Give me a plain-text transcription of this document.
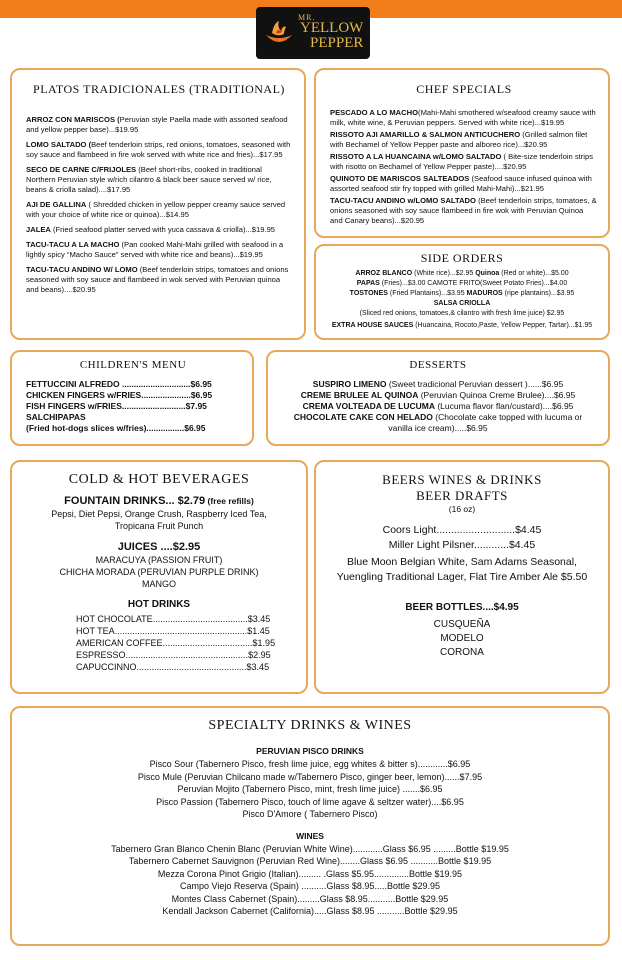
MR.
YELLOW
PEPPER
PLATOS TRADICIONALES (TRADITIONAL)
ARROZ CON MARISCOS (Peruvian style Paella made with assorted seafood and yellow pepper base)...$19.95
LOMO SALTADO (Beef tenderloin strips, red onions, tomatoes, seasoned with soy sauce and flambeed in fire wok served with white rice and fries)...$17.95
SECO DE CARNE C/FRIJOLES (Beef short-ribs, cooked in traditional Northern Peruvian style w/rich cilantro & black beer sauce served w/ rice, beans & criolla salad)....$17.95
AJI DE GALLINA ( Shredded chicken in yellow pepper creamy sauce served with your choice of white rice or quinoa)...$14.95
JALEA (Fried seafood platter served with yuca cassava & criolla)...$19.95
TACU-TACU A LA MACHO (Pan cooked Mahi-Mahi grilled with seafood in a lightly spicy “Macho Sauce” served with white rice and beans)...$19.95
TACU-TACU ANDINO W/ LOMO (Beef tenderloin strips, tomatoes and onions seasoned with soy sauce and flambeed in wok served with Peruvian quinoa and beans)....$20.95
CHEF SPECIALS
PESCADO A LO MACHO(Mahi-Mahi smothered w/seafood creamy sauce with milk, white wine, & Peruvian peppers. Served with white rice)...$19.95
RISSOTO AJI AMARILLO & SALMON ANTICUCHERO (Grilled salmon filet with Bechamel of Yellow Pepper paste and alboreo rice)...$20.95
RISSOTO A LA HUANCAINA w/LOMO SALTADO ( Bite-size tenderloin strips with risotto on Bechamel of Yellow Pepper paste)....$20.95
QUINOTO DE MARISCOS SALTEADOS (Seafood sauce infused quinoa with assorted seafood stir fry topped with grilled Mahi-Mahi)...$21.95
TACU-TACU ANDINO w/LOMO SALTADO (Beef tenderloin strips, tomatoes, & onions seasoned with soy sauce flambeed in fire wok with Peruvian Quinoa and Canary beans)...$20.95
SIDE ORDERS
ARROZ BLANCO (White rice)...$2.95 Quinoa (Red or white)...$5.00
PAPAS (Fries)...$3.00 CAMOTE FRITO(Sweet Potato Fries)...$4.00
TOSTONES (Fried Plantains)...$3.95 MADUROS (ripe plantains)...$3.95
SALSA CRIOLLA
(Sliced red onions, tomatoes,& cilantro with fresh lime juice) $2.95
EXTRA HOUSE SAUCES (Huancaina, Rocoto,Paste, Yellow Pepper, Tartar)...$1.95
CHILDREN'S MENU
FETTUCCINI ALFREDO .............................$6.95
CHICKEN FINGERS w/FRIES.....................$6.95
FISH FINGERS w/FRIES...........................$7.95
SALCHIPAPAS
(Fried hot-dogs slices w/fries)................$6.95
DESSERTS
SUSPIRO LIMENO (Sweet tradicional Peruvian dessert )......$6.95
CREME BRULEE AL QUINOA (Peruvian Quinoa Creme Brulee)....$6.95
CREMA VOLTEADA DE LUCUMA (Lucuma flavor flan/custard)....$6.95
CHOCOLATE CAKE CON HELADO (Chocolate cake topped with lucuma or vanilla ice cream).....$6.95
COLD & HOT BEVERAGES
FOUNTAIN DRINKS... $2.79 (free refills)
Pepsi, Diet Pepsi, Orange Crush, Raspberry Iced Tea, Tropicana Fruit Punch
JUICES ....$2.95
MARACUYA (PASSION FRUIT)
CHICHA MORADA (PERUVIAN PURPLE DRINK)
MANGO
HOT DRINKS
HOT CHOCOLATE ...................................... $3.45
HOT TEA ..................................................... $1.45
AMERICAN COFFEE .................................... $1.95
ESPRESSO ................................................. $2.95
CAPUCCINNO ............................................ $3.45
BEERS WINES & DRINKS
BEER DRAFTS
(16 oz)
Coors Light...........................$4.45
Miller Light Pilsner............$4.45
Blue Moon Belgian White, Sam Adams Seasonal, Yuengling Traditional Lager, Flat Tire Amber Ale $5.50
BEER BOTTLES....$4.95
CUSQUEÑA
MODELO
CORONA
SPECIALTY DRINKS & WINES
PERUVIAN PISCO DRINKS
Pisco Sour (Tabernero Pisco, fresh lime juice, egg whites & bitter s)............$6.95
Pisco Mule (Peruvian Chilcano made w/Tabernero Pisco, ginger beer, lemon)......$7.95
Peruvian Mojito (Tabernero Pisco, mint, fresh lime juice) .......$6.95
Pisco Passion (Tabernero Pisco, touch of lime agave & seltzer water)....$6.95
Pisco D'Amore ( Tabernero Pisco)
WINES
Tabernero Gran Blanco Chenin Blanc (Peruvian White Wine)............Glass $6.95 .........Bottle $19.95
Tabernero Cabernet Sauvignon (Peruvian Red Wine)........Glass $6.95 ...........Bottle $19.95
Mezza Corona Pinot Grigio (Italian)......... .Glass $5.95..............Bottle $19.95
Campo Viejo Reserva (Spain) ..........Glass $8.95.....Bottle $29.95
Montes Class Cabernet (Spain).........Glass $8.95...........Bottle $29.95
Kendall Jackson Cabernet (California).....Glass $8.95 ...........Bottle $29.95
